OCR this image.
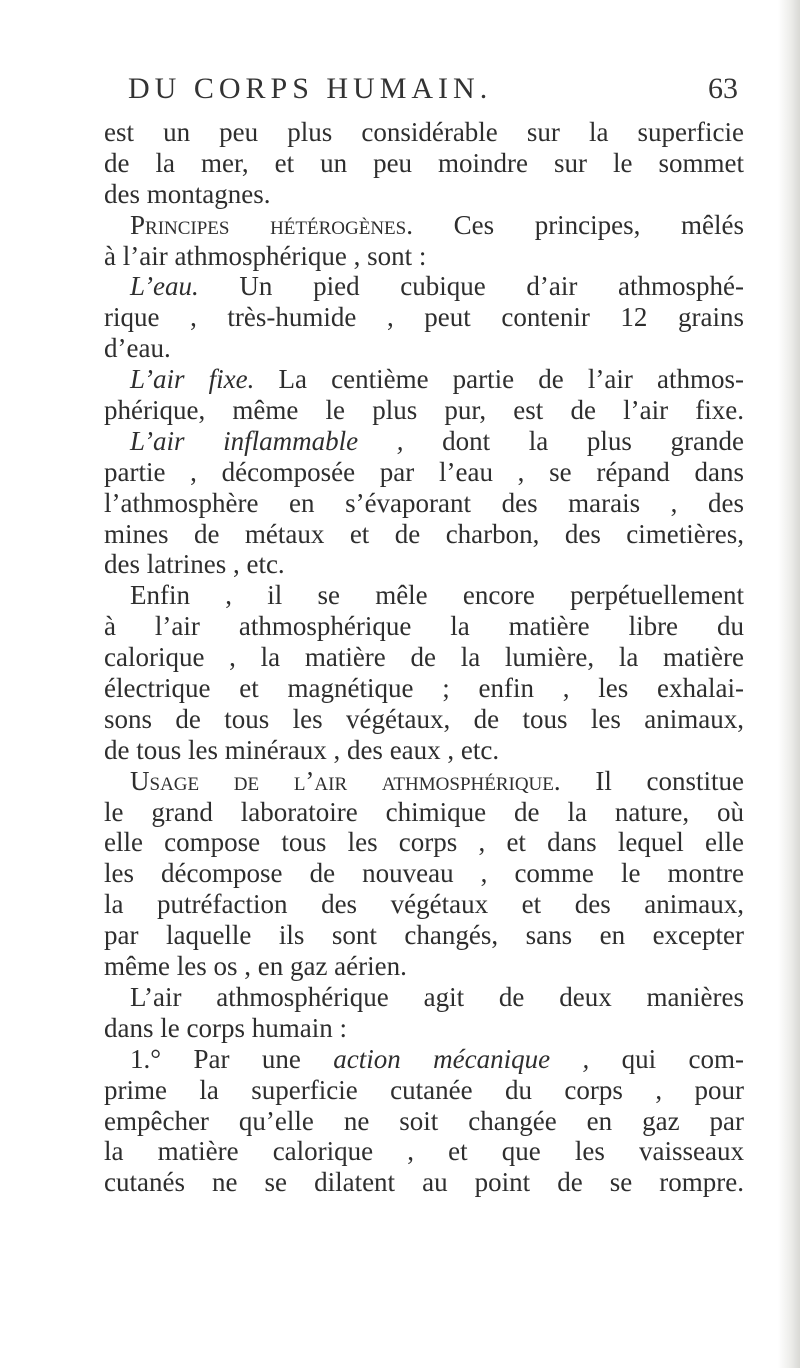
DU CORPS HUMAIN.	63
est un peu plus considérable sur la superficie
de la mer, et un peu moindre sur le sommet
des montagnes.
Principes hétérogènes. Ces principes, mêlés
à l’air athmosphérique , sont :
L’eau. Un pied cubique d’air athmosphé-
rique , très-humide , peut contenir 12 grains
d’eau.
L’air fixe. La centième partie de l’air athmos-
phérique, même le plus pur, est de l’air fixe.
L’air inflammable , dont la plus grande
partie , décomposée par l’eau , se répand dans
l’athmosphère en s’évaporant des marais , des
mines de métaux et de charbon, des cimetières,
des latrines , etc.
Enfin , il se mêle encore perpétuellement
à l’air athmosphérique la matière libre du
calorique , la matière de la lumière, la matière
électrique et magnétique ; enfin , les exhalai-
sons de tous les végétaux, de tous les animaux,
de tous les minéraux , des eaux , etc.
Usage de l’air athmosphérique. Il constitue
le grand laboratoire chimique de la nature, où
elle compose tous les corps , et dans lequel elle
les décompose de nouveau , comme le montre
la putréfaction des végétaux et des animaux,
par laquelle ils sont changés, sans en excepter
même les os , en gaz aérien.
L’air athmosphérique agit de deux manières
dans le corps humain :
1.° Par une action mécanique , qui com-
prime la superficie cutanée du corps , pour
empêcher qu’elle ne soit changée en gaz par
la matière calorique , et que les vaisseaux
cutanés ne se dilatent au point de se rompre.
